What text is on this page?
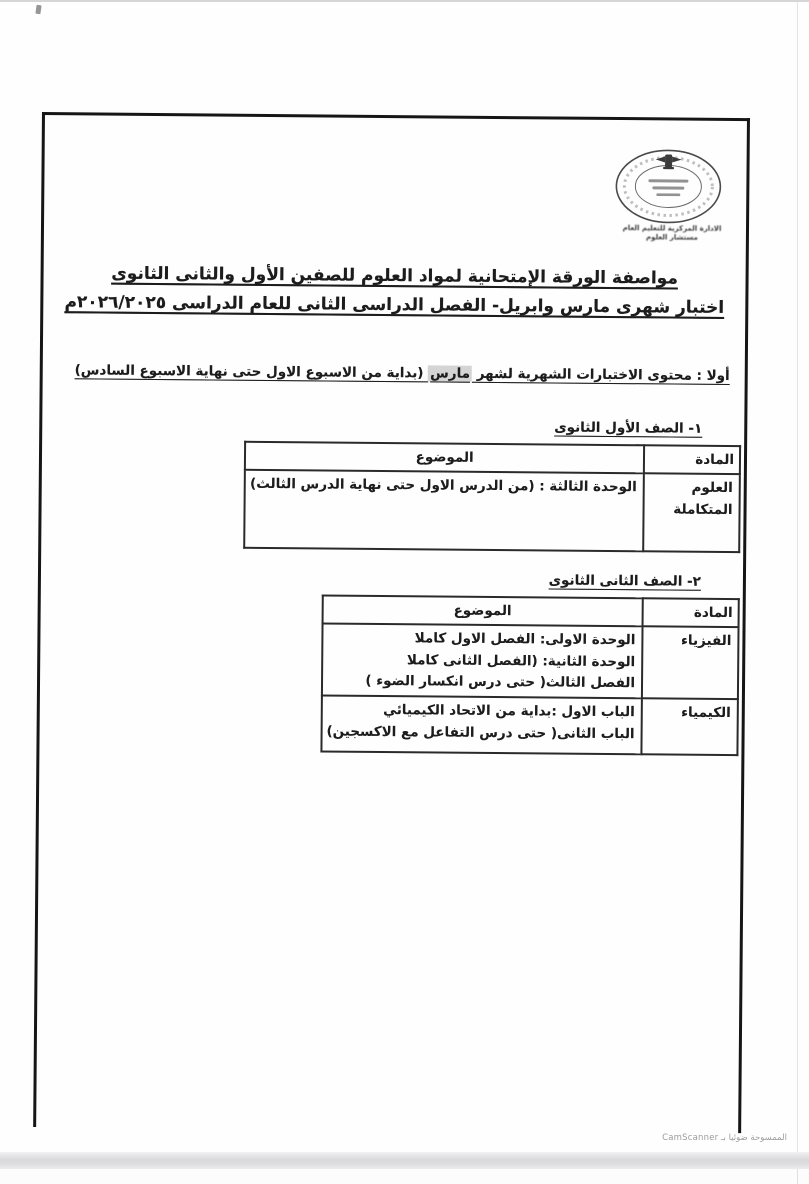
الادارة المركزية للتعليم العام
مستشار العلوم
مواصفة الورقة الإمتحانية لمواد العلوم للصفين الأول والثانى الثانوى
اختبار شهرى مارس وابريل- الفصل الدراسى الثانى للعام الدراسى ٢٠٢٦/٢٠٢٥م
أولا : محتوى الاختبارات الشهرية لشهر مارس (بداية من الاسبوع الاول حتى نهاية الاسبوع السادس)
١- الصف الأول الثانوى
المادة	الموضوع
العلوم المتكاملة	الوحدة الثالثة : (من الدرس الاول حتى نهاية الدرس الثالث)
٢- الصف الثانى الثانوى
المادة	الموضوع
الفيزياء	الوحدة الاولى: الفصل الاول كاملا
الوحدة الثانية: (الفصل الثانى كاملا
الفصل الثالث( حتى درس انكسار الضوء )

الكيمياء	الباب الاول :بداية من الاتحاد الكيميائي
الباب الثانى( حتى درس التفاعل مع الاكسجين)
الممسوحة ضوئيا بـ CamScanner
